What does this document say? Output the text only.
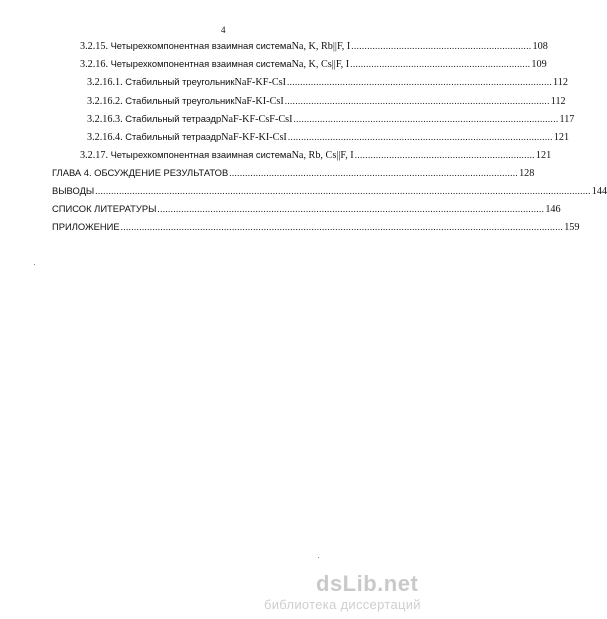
4
3.2.15.
Четырехкомпонентная взаимная система Na, K, Rb||F, I .................................................................... 108
3.2.16.
Четырехкомпонентная взаимная система Na, K, Cs||F, I .................................................................... 109
3.2.16.1.
Стабильный треугольник NaF-KF-CsI .................................................................................................... 112
3.2.16.2.
Стабильный треугольник NaF-KI-CsI .................................................................................................... 112
3.2.16.3.
Стабильный тетраэдр NaF-KF-CsF-CsI .................................................................................................... 117
3.2.16.4.
Стабильный тетраэдр NaF-KF-KI-CsI .................................................................................................... 121
3.2.17.
Четырехкомпонентная взаимная система Na, Rb, Cs||F, I .................................................................... 121
ГЛАВА 4. ОБСУЖДЕНИЕ РЕЗУЛЬТАТОВ ............................................................................................................. 128
ВЫВОДЫ ........................................................................................................................................................................................... 144
СПИСОК ЛИТЕРАТУРЫ .................................................................................................................................................. 146
ПРИЛОЖЕНИЕ ....................................................................................................................................................................... 159
dsLib.net
библиотека диссертаций
